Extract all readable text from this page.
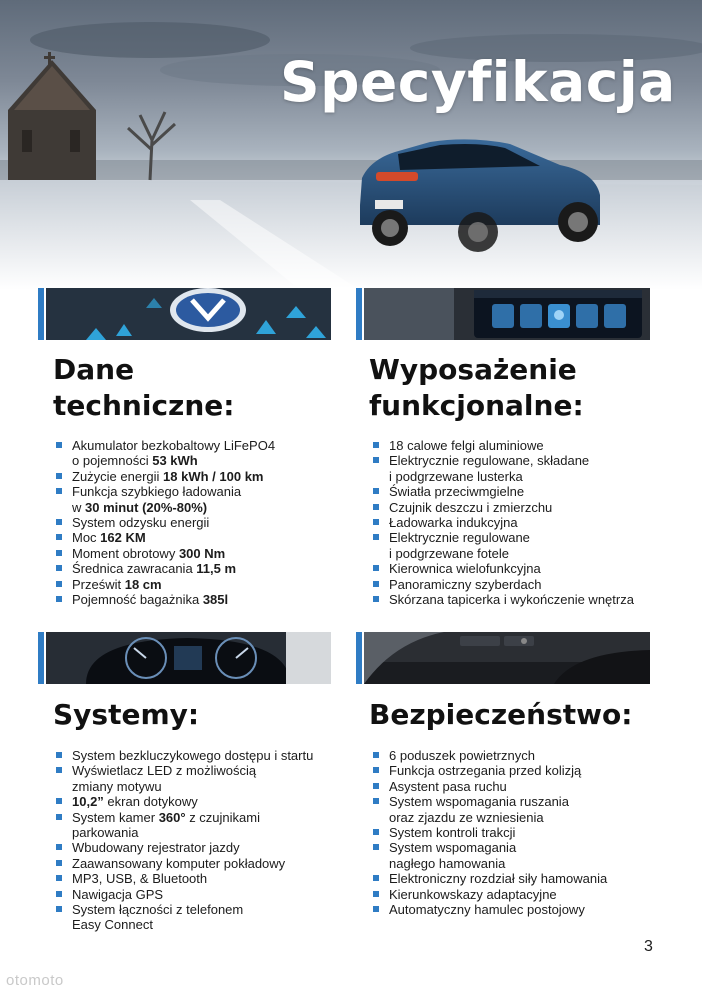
Specyfikacja
Dane
techniczne:
Akumulator bezkobaltowy LiFePO4
o pojemności 53 kWh
Zużycie energii 18 kWh / 100 km
Funkcja szybkiego ładowania
w 30 minut (20%-80%)
System odzysku energii
Moc 162 KM
Moment obrotowy 300 Nm
Średnica zawracania 11,5 m
Prześwit 18 cm
Pojemność bagażnika 385l
Wyposażenie
funkcjonalne:
18 calowe felgi aluminiowe
Elektrycznie regulowane, składane
i podgrzewane lusterka
Światła przeciwmgielne
Czujnik deszczu i zmierzchu
Ładowarka indukcyjna
Elektrycznie regulowane
i podgrzewane fotele
Kierownica wielofunkcyjna
Panoramiczny szyberdach
Skórzana tapicerka i wykończenie wnętrza
Systemy:
System bezkluczykowego dostępu i startu
Wyświetlacz LED z możliwością
zmiany motywu
10,2” ekran dotykowy
System kamer 360° z czujnikami
parkowania
Wbudowany rejestrator jazdy
Zaawansowany komputer pokładowy
MP3, USB, & Bluetooth
Nawigacja GPS
System łączności z telefonem
Easy Connect
Bezpieczeństwo:
6 poduszek powietrznych
Funkcja ostrzegania przed kolizją
Asystent pasa ruchu
System wspomagania ruszania
oraz zjazdu ze wzniesienia
System kontroli trakcji
System wspomagania
nagłego hamowania
Elektroniczny rozdział siły hamowania
Kierunkowskazy adaptacyjne
Automatyczny hamulec postojowy
3
otomoto
